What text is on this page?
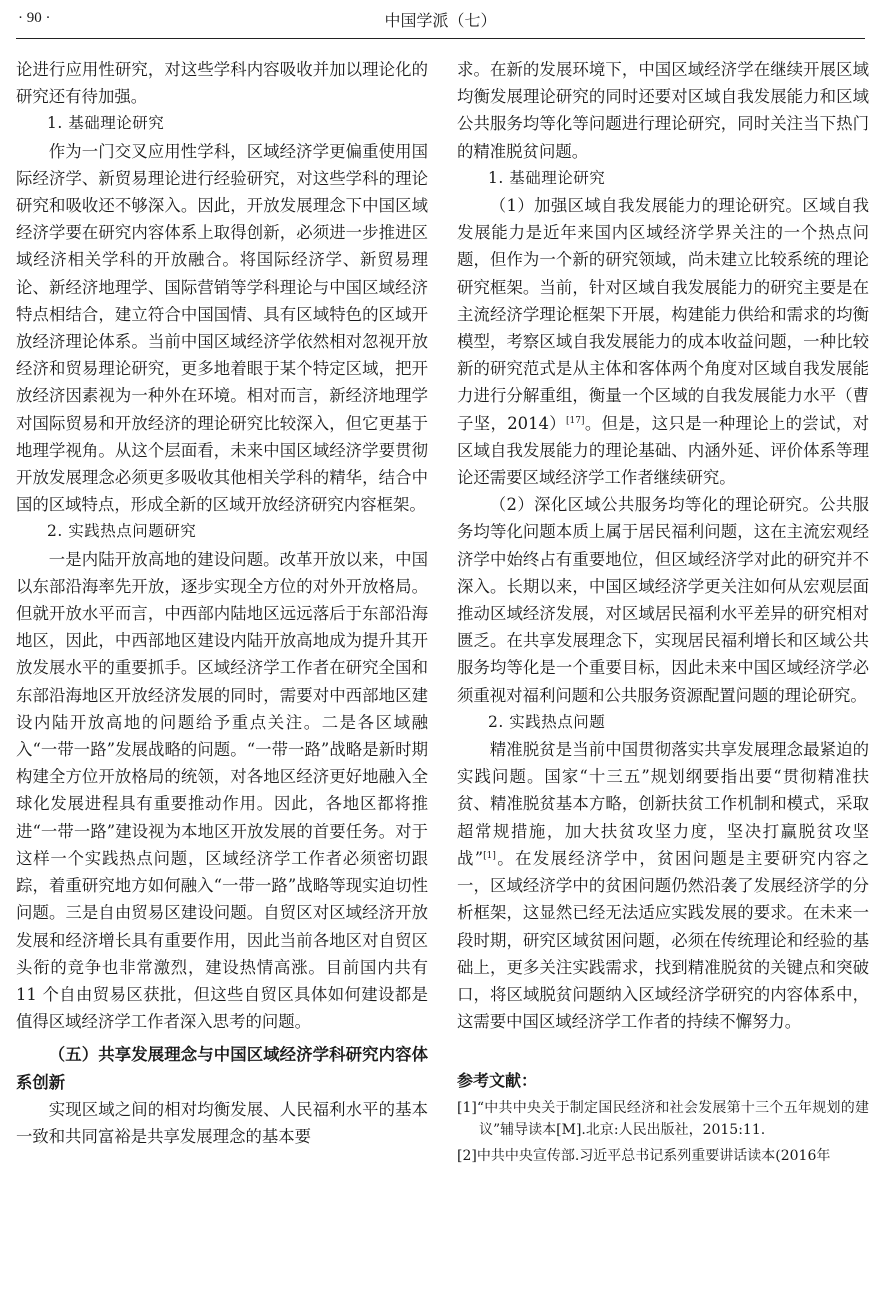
· 90 ·	中国学派（七）

论进行应用性研究，对这些学科内容吸收并加以理论化的研究还有待加强。

1. 基础理论研究

作为一门交叉应用性学科，区域经济学更偏重使用国际经济学、新贸易理论进行经验研究，对这些学科的理论研究和吸收还不够深入。因此，开放发展理念下中国区域经济学要在研究内容体系上取得创新，必须进一步推进区域经济相关学科的开放融合。将国际经济学、新贸易理论、新经济地理学、国际营销等学科理论与中国区域经济特点相结合，建立符合中国国情、具有区域特色的区域开放经济理论体系。当前中国区域经济学依然相对忽视开放经济和贸易理论研究，更多地着眼于某个特定区域，把开放经济因素视为一种外在环境。相对而言，新经济地理学对国际贸易和开放经济的理论研究比较深入，但它更基于地理学视角。从这个层面看，未来中国区域经济学要贯彻开放发展理念必须更多吸收其他相关学科的精华，结合中国的区域特点，形成全新的区域开放经济研究内容框架。

2. 实践热点问题研究

一是内陆开放高地的建设问题。改革开放以来，中国以东部沿海率先开放，逐步实现全方位的对外开放格局。但就开放水平而言，中西部内陆地区远远落后于东部沿海地区，因此，中西部地区建设内陆开放高地成为提升其开放发展水平的重要抓手。区域经济学工作者在研究全国和东部沿海地区开放经济发展的同时，需要对中西部地区建设内陆开放高地的问题给予重点关注。二是各区域融入“一带一路”发展战略的问题。“一带一路”战略是新时期构建全方位开放格局的统领，对各地区经济更好地融入全球化发展进程具有重要推动作用。因此，各地区都将推进“一带一路”建设视为本地区开放发展的首要任务。对于这样一个实践热点问题，区域经济学工作者必须密切跟踪，着重研究地方如何融入“一带一路”战略等现实迫切性问题。三是自由贸易区建设问题。自贸区对区域经济开放发展和经济增长具有重要作用，因此当前各地区对自贸区头衔的竞争也非常激烈，建设热情高涨。目前国内共有 11 个自由贸易区获批，但这些自贸区具体如何建设都是值得区域经济学工作者深入思考的问题。

（五）共享发展理念与中国区域经济学科研究内容体系创新

实现区域之间的相对均衡发展、人民福利水平的基本一致和共同富裕是共享发展理念的基本要

求。在新的发展环境下，中国区域经济学在继续开展区域均衡发展理论研究的同时还要对区域自我发展能力和区域公共服务均等化等问题进行理论研究，同时关注当下热门的精准脱贫问题。

1. 基础理论研究

（1）加强区域自我发展能力的理论研究。区域自我发展能力是近年来国内区域经济学界关注的一个热点问题，但作为一个新的研究领域，尚未建立比较系统的理论研究框架。当前，针对区域自我发展能力的研究主要是在主流经济学理论框架下开展，构建能力供给和需求的均衡模型，考察区域自我发展能力的成本收益问题，一种比较新的研究范式是从主体和客体两个角度对区域自我发展能力进行分解重组，衡量一个区域的自我发展能力水平（曹子坚，2014）[17]。但是，这只是一种理论上的尝试，对区域自我发展能力的理论基础、内涵外延、评价体系等理论还需要区域经济学工作者继续研究。

（2）深化区域公共服务均等化的理论研究。公共服务均等化问题本质上属于居民福利问题，这在主流宏观经济学中始终占有重要地位，但区域经济学对此的研究并不深入。长期以来，中国区域经济学更关注如何从宏观层面推动区域经济发展，对区域居民福利水平差异的研究相对匮乏。在共享发展理念下，实现居民福利增长和区域公共服务均等化是一个重要目标，因此未来中国区域经济学必须重视对福利问题和公共服务资源配置问题的理论研究。

2. 实践热点问题

精准脱贫是当前中国贯彻落实共享发展理念最紧迫的实践问题。国家“十三五”规划纲要指出要“贯彻精准扶贫、精准脱贫基本方略，创新扶贫工作机制和模式，采取超常规措施，加大扶贫攻坚力度，坚决打赢脱贫攻坚战”[1]。在发展经济学中，贫困问题是主要研究内容之一，区域经济学中的贫困问题仍然沿袭了发展经济学的分析框架，这显然已经无法适应实践发展的要求。在未来一段时期，研究区域贫困问题，必须在传统理论和经验的基础上，更多关注实践需求，找到精准脱贫的关键点和突破口，将区域脱贫问题纳入区域经济学研究的内容体系中，这需要中国区域经济学工作者的持续不懈努力。

参考文献：
[1]“中共中央关于制定国民经济和社会发展第十三个五年规划的建议”辅导读本[M].北京:人民出版社，2015:11.
[2]中共中央宣传部.习近平总书记系列重要讲话读本(2016年
